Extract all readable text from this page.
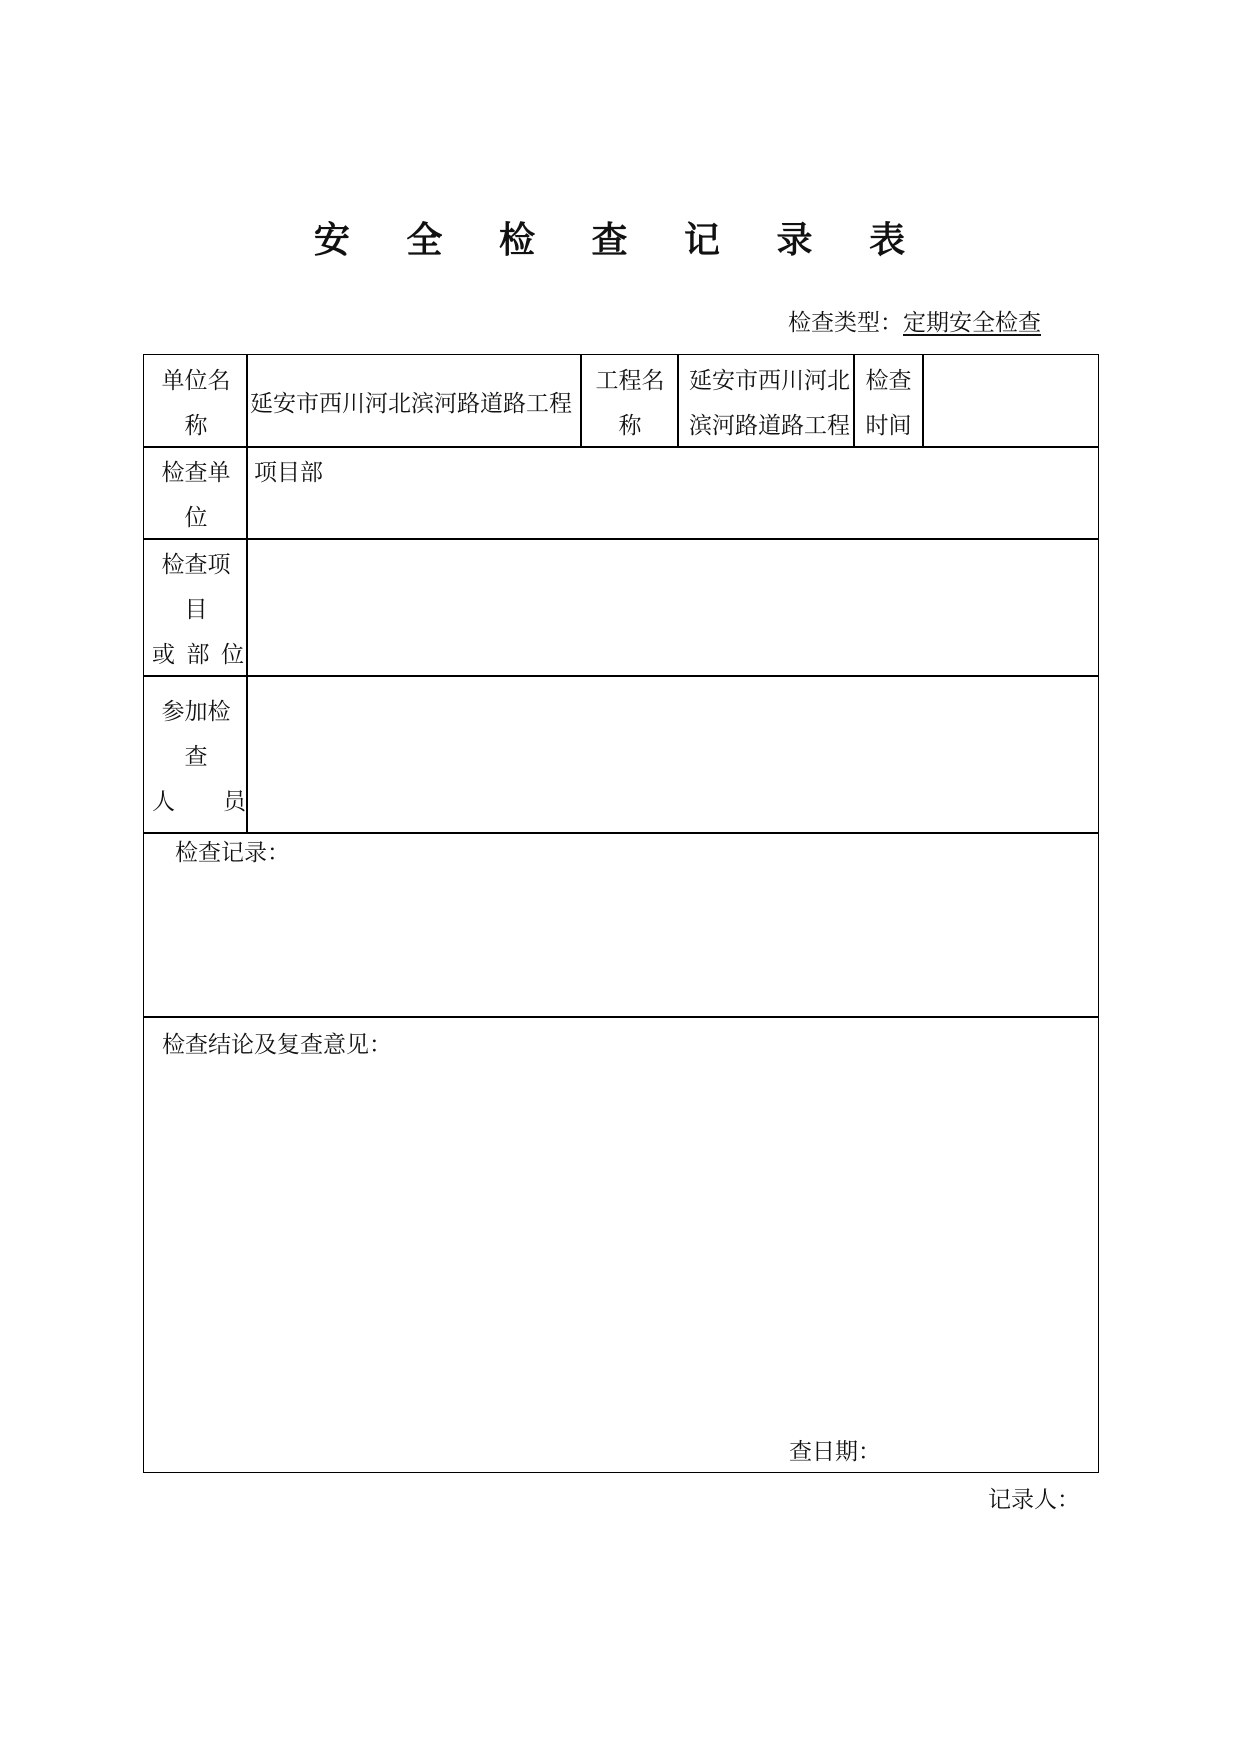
安 全 检 查 记 录 表
检查类型：定期安全检查
单位名
称
延安市西川河北滨河路道路工程
工程名
称
延安市西川河北
滨河路道路工程
检查
时间
检查单
位
项目部
检查项
目
或 部 位
参加检
查
人 员
检查记录：
检查结论及复查意见：
查日期：
记录人：
